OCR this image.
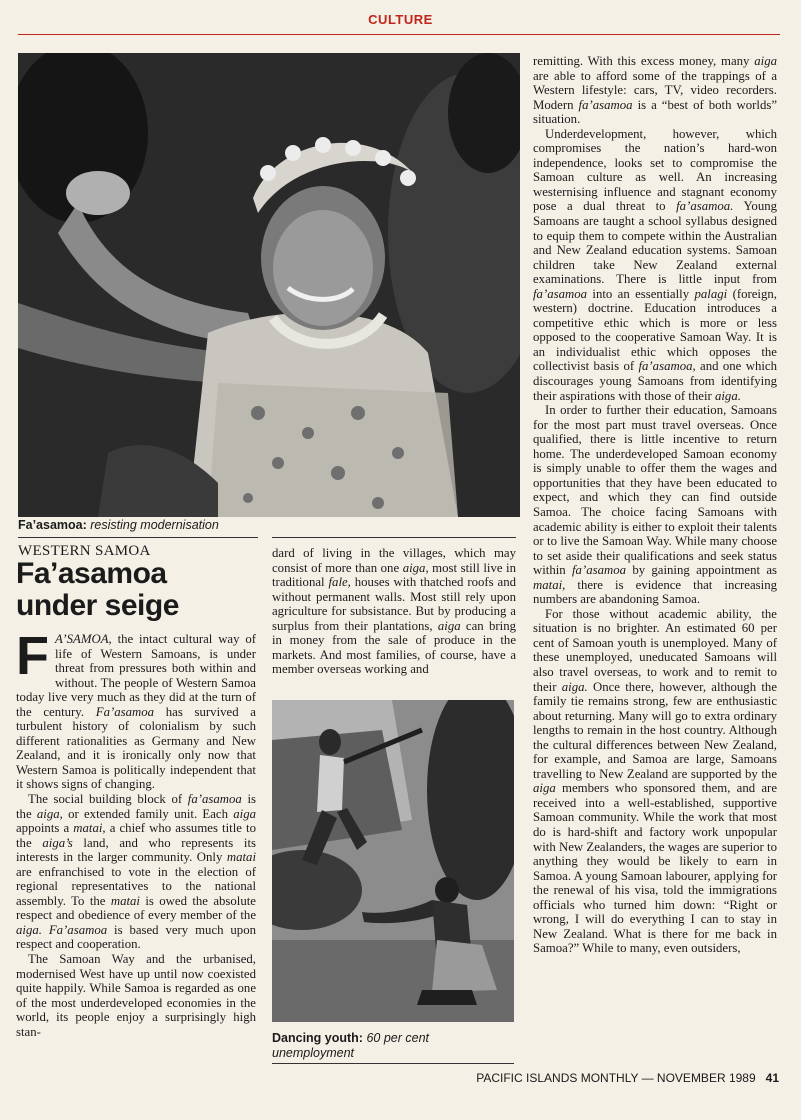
CULTURE
Fa’asamoa: resisting modernisation
WESTERN SAMOA
Fa’asamoa
under seige

F A’SAMOA, the intact cultural way of life of Western Samoans, is under threat from pressures both within and without. The people of Western Samoa today live very much as they did at the turn of the century. Fa’asamoa has survived a turbulent history of colonialism by such different rationalities as Germany and New Zealand, and it is ironically only now that Western Samoa is politically independent that it shows signs of changing.

The social building block of fa’asamoa is the aiga, or extended family unit. Each aiga appoints a matai, a chief who assumes title to the aiga’s land, and who represents its interests in the larger community. Only matai are enfranchised to vote in the election of regional representatives to the national assembly. To the matai is owed the absolute respect and obedience of every member of the aiga. Fa’asamoa is based very much upon respect and cooperation.

The Samoan Way and the urbanised, modernised West have up until now coexisted quite happily. While Samoa is regarded as one of the most underdeveloped economies in the world, its people enjoy a surprisingly high stan-

dard of living in the villages, which may consist of more than one aiga, most still live in traditional fale, houses with thatched roofs and without permanent walls. Most still rely upon agriculture for subsistance. But by producing a surplus from their plantations, aiga can bring in money from the sale of produce in the markets. And most families, of course, have a member overseas working and

Dancing youth: 60 per cent unemployment

remitting. With this excess money, many aiga are able to afford some of the trappings of a Western lifestyle: cars, TV, video recorders. Modern fa’asamoa is a “best of both worlds” situation.

Underdevelopment, however, which compromises the nation’s hard-won independence, looks set to compromise the Samoan culture as well. An increasing westernising influence and stagnant economy pose a dual threat to fa’asamoa. Young Samoans are taught a school syllabus designed to equip them to compete within the Australian and New Zealand education systems. Samoan children take New Zealand external examinations. There is little input from fa’asamoa into an essentially palagi (foreign, western) doctrine. Education introduces a competitive ethic which is more or less opposed to the cooperative Samoan Way. It is an individualist ethic which opposes the collectivist basis of fa’asamoa, and one which discourages young Samoans from identifying their aspirations with those of their aiga.

In order to further their education, Samoans for the most part must travel overseas. Once qualified, there is little incentive to return home. The underdeveloped Samoan economy is simply unable to offer them the wages and opportunities that they have been educated to expect, and which they can find outside Samoa. The choice facing Samoans with academic ability is either to exploit their talents or to live the Samoan Way. While many choose to set aside their qualifications and seek status within fa’asamoa by gaining appointment as matai, there is evidence that increasing numbers are abandoning Samoa.

For those without academic ability, the situation is no brighter. An estimated 60 per cent of Samoan youth is unemployed. Many of these unemployed, uneducated Samoans will also travel overseas, to work and to remit to their aiga. Once there, however, although the family tie remains strong, few are enthusiastic about returning. Many will go to extra ordinary lengths to remain in the host country. Although the cultural differences between New Zealand, for example, and Samoa are large, Samoans travelling to New Zealand are supported by the aiga members who sponsored them, and are received into a well-established, supportive Samoan community. While the work that most do is hard-shift and factory work unpopular with New Zealanders, the wages are superior to anything they would be likely to earn in Samoa. A young Samoan labourer, applying for the renewal of his visa, told the immigrations officials who turned him down: “Right or wrong, I will do everything I can to stay in New Zealand. What is there for me back in Samoa?” While to many, even outsiders,

PACIFIC ISLANDS MONTHLY — NOVEMBER 1989 41
